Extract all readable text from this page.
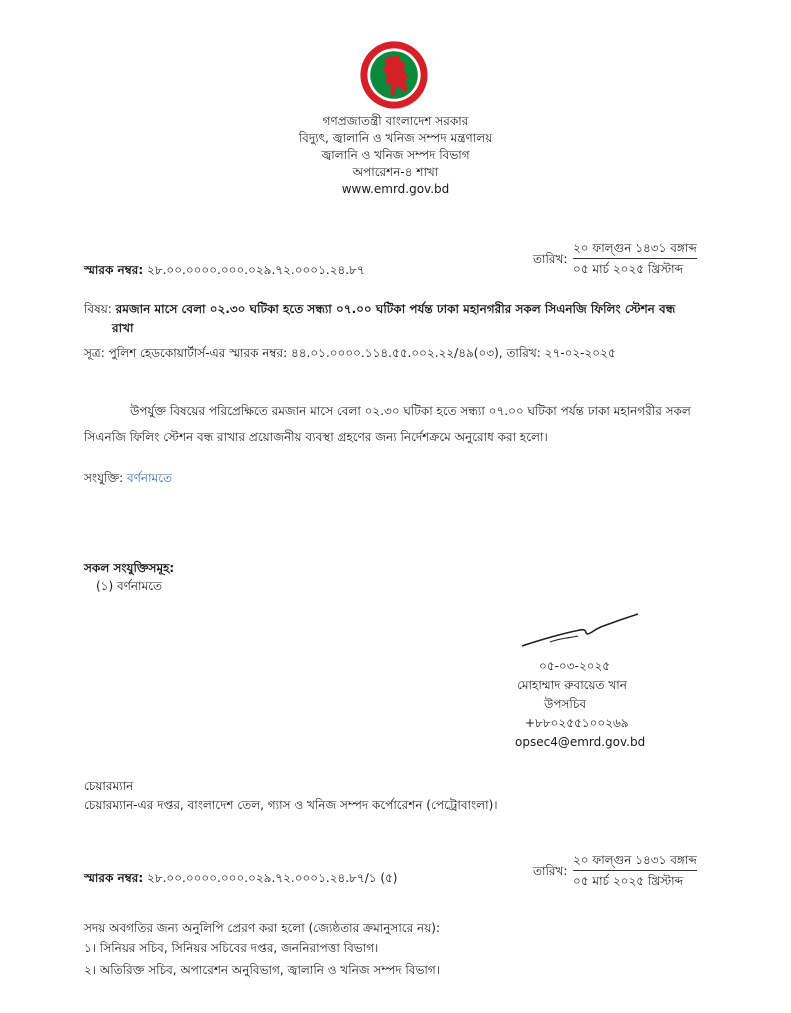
গণপ্রজাতন্ত্রী বাংলাদেশ সরকার
বিদ্যুৎ, জ্বালানি ও খনিজ সম্পদ মন্ত্রণালয়
জ্বালানি ও খনিজ সম্পদ বিভাগ
অপারেশন-৪ শাখা
www.emrd.gov.bd
স্মারক নম্বর: ২৮.০০.০০০০.০০০.০২৯.৭২.০০০১.২৪.৮৭
তারিখ:
২০ ফাল্গুন ১৪৩১ বঙ্গাব্দ
০৫ মার্চ ২০২৫ খ্রিস্টাব্দ
বিষয়: রমজান মাসে বেলা ০২.৩০ ঘটিকা হতে সন্ধ্যা ০৭.০০ ঘটিকা পর্যন্ত ঢাকা মহানগরীর সকল সিএনজি ফিলিং স্টেশন বন্ধ
রাখা
সূত্র: পুলিশ হেডকোয়ার্টার্স-এর স্মারক নম্বর: ৪৪.০১.০০০০.১১৪.৫৫.০০২.২২/৪৯(০৩), তারিখ: ২৭-০২-২০২৫
উপর্যুক্ত বিষয়ের পরিপ্রেক্ষিতে রমজান মাসে বেলা ০২.৩০ ঘটিকা হতে সন্ধ্যা ০৭.০০ ঘটিকা পর্যন্ত ঢাকা মহানগরীর সকল
সিএনজি ফিলিং স্টেশন বন্ধ রাখার প্রয়োজনীয় ব্যবস্থা গ্রহণের জন্য নির্দেশক্রমে অনুরোধ করা হলো।
সংযুক্তি: বর্ণনামতে
সকল সংযুক্তিসমূহ:
(১) বর্ণনামতে
০৫-০৩-২০২৫
মোহাম্মাদ রুবায়েত খান
উপসচিব
+৮৮০২৫৫১০০২৬৯
opsec4@emrd.gov.bd
চেয়ারম্যান
চেয়ারম্যান-এর দপ্তর, বাংলাদেশ তেল, গ্যাস ও খনিজ সম্পদ কর্পোরেশন (পেট্রোবাংলা)।
স্মারক নম্বর: ২৮.০০.০০০০.০০০.০২৯.৭২.০০০১.২৪.৮৭/১ (৫)	তারিখ:
২০ ফাল্গুন ১৪৩১ বঙ্গাব্দ
০৫ মার্চ ২০২৫ খ্রিস্টাব্দ
সদয় অবগতির জন্য অনুলিপি প্রেরণ করা হলো (জ্যেষ্ঠতার ক্রমানুসারে নয়):
১। সিনিয়র সচিব, সিনিয়র সচিবের দপ্তর, জননিরাপত্তা বিভাগ।
২। অতিরিক্ত সচিব, অপারেশন অনুবিভাগ, জ্বালানি ও খনিজ সম্পদ বিভাগ।
